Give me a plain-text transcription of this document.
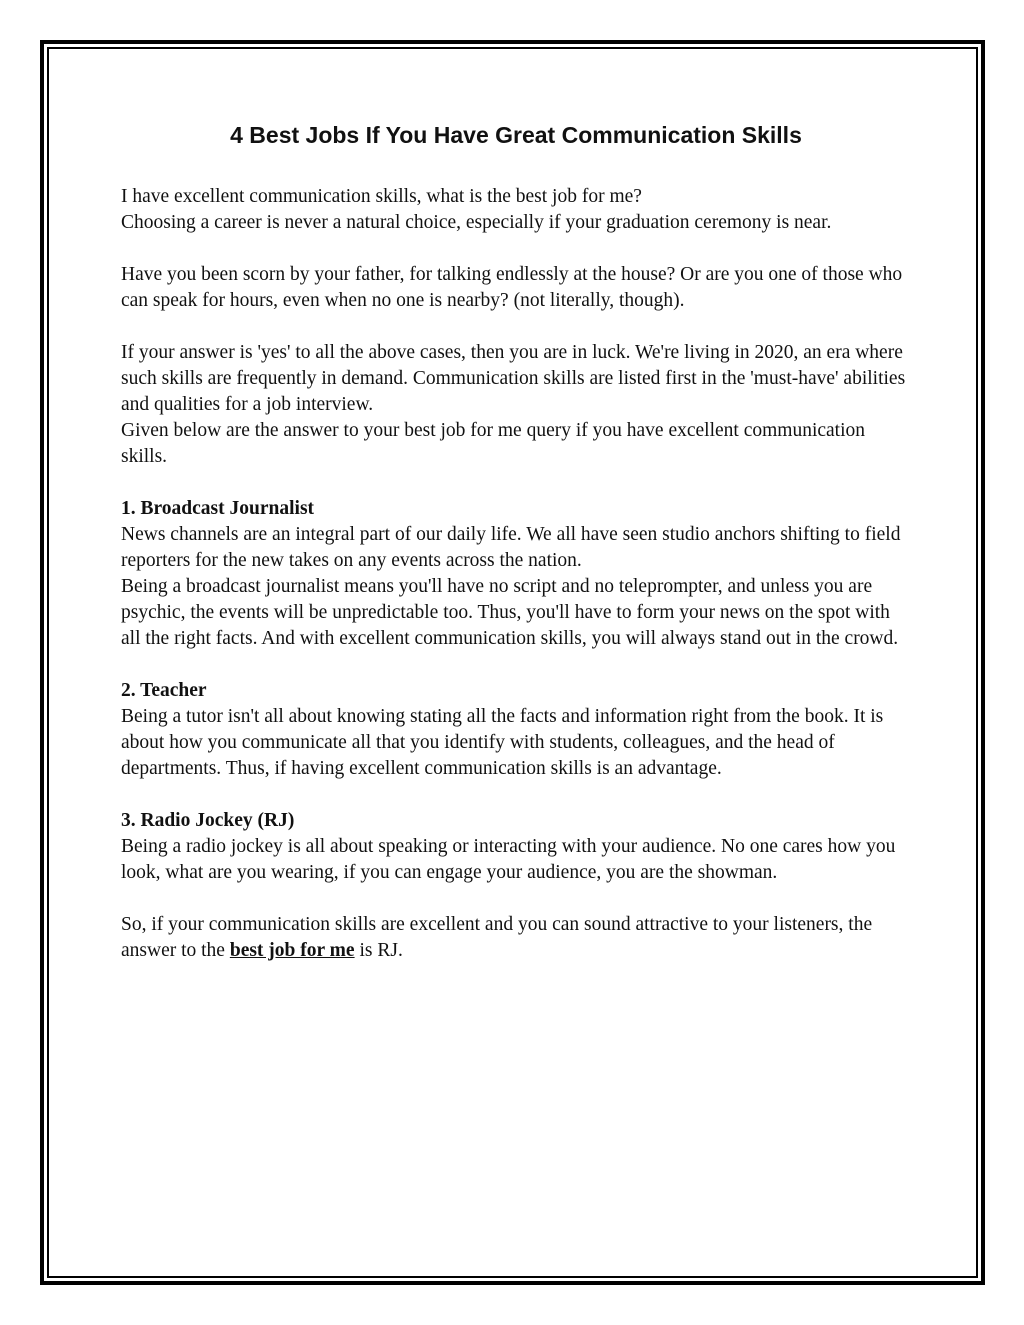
4 Best Jobs If You Have Great Communication Skills
I have excellent communication skills, what is the best job for me?
Choosing a career is never a natural choice, especially if your graduation ceremony is near.
Have you been scorn by your father, for talking endlessly at the house? Or are you one of those who can speak for hours, even when no one is nearby? (not literally, though).
If your answer is 'yes' to all the above cases, then you are in luck. We're living in 2020, an era where such skills are frequently in demand. Communication skills are listed first in the 'must-have' abilities and qualities for a job interview.
Given below are the answer to your best job for me query if you have excellent communication skills.
1. Broadcast Journalist
News channels are an integral part of our daily life. We all have seen studio anchors shifting to field reporters for the new takes on any events across the nation.
Being a broadcast journalist means you'll have no script and no teleprompter, and unless you are psychic, the events will be unpredictable too. Thus, you'll have to form your news on the spot with all the right facts. And with excellent communication skills, you will always stand out in the crowd.
2. Teacher
Being a tutor isn't all about knowing stating all the facts and information right from the book. It is about how you communicate all that you identify with students, colleagues, and the head of departments. Thus, if having excellent communication skills is an advantage.
3. Radio Jockey (RJ)
Being a radio jockey is all about speaking or interacting with your audience. No one cares how you look, what are you wearing, if you can engage your audience, you are the showman.
So, if your communication skills are excellent and you can sound attractive to your listeners, the answer to the best job for me is RJ.
